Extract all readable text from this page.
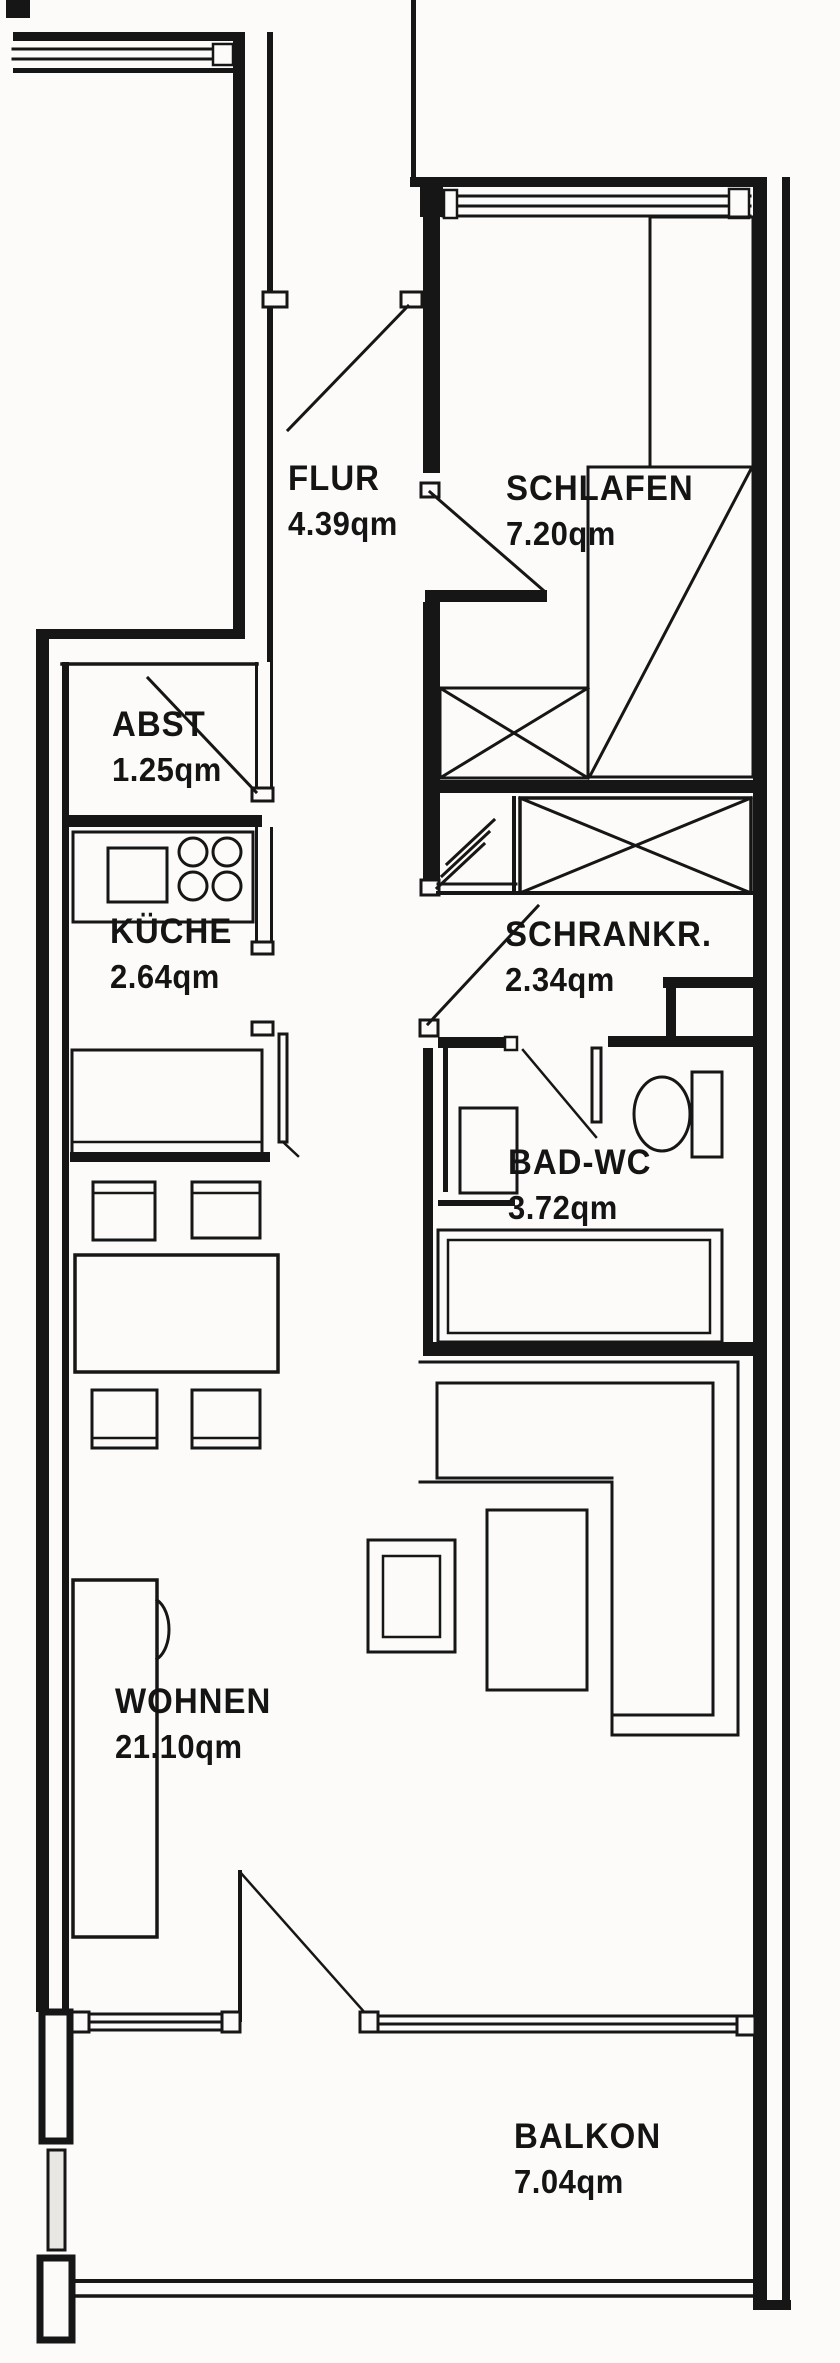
FLUR
4.39qm
SCHLAFEN
7.20qm
ABST
1.25qm
KÜCHE
2.64qm
SCHRANKR.
2.34qm
BAD-WC
3.72qm
WOHNEN
21.10qm
BALKON
7.04qm
